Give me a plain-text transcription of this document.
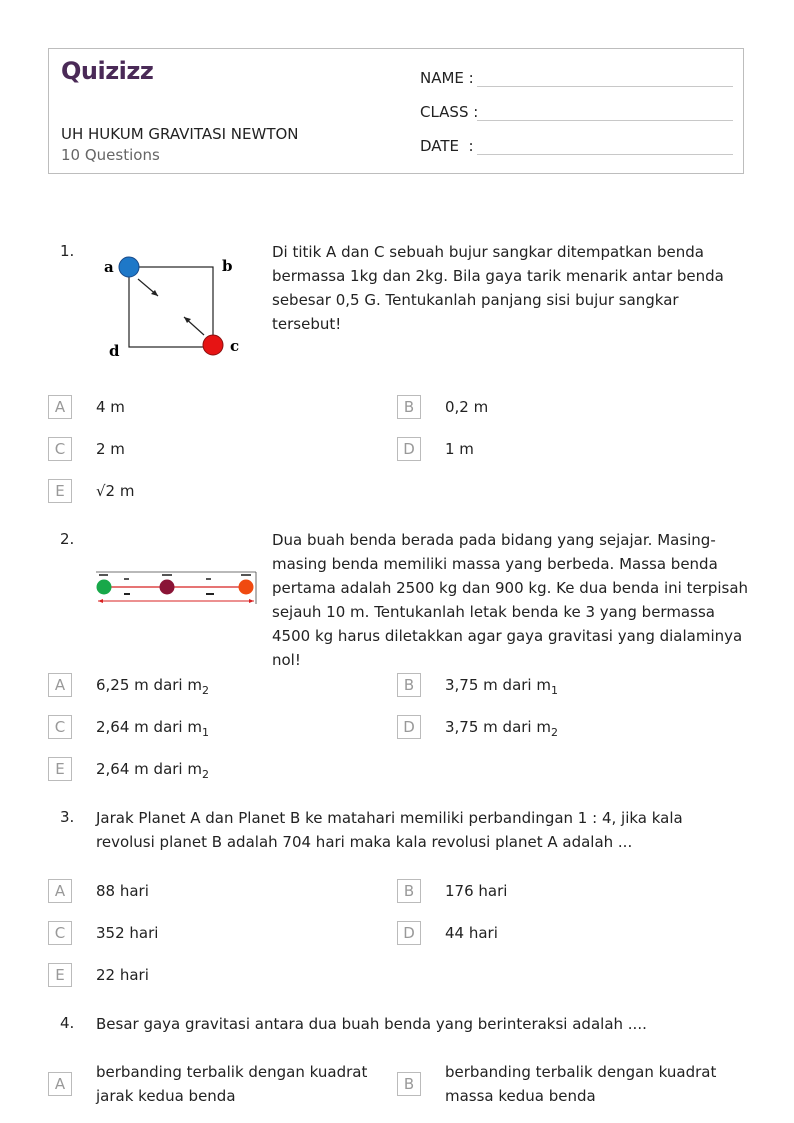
Quizizz
UH HUKUM GRAVITASI NEWTON
10 Questions
NAME :
CLASS :
DATE  :
1.
a	b
c
d
Di titik A dan C sebuah bujur sangkar ditempatkan benda bermassa 1kg dan 2kg. Bila gaya tarik menarik antar benda sebesar 0,5 G. Tentukanlah panjang sisi bujur sangkar tersebut!
A	4 m	B	0,2 m
C	2 m	D	1 m
E	√2 m
2.	Dua buah benda berada pada bidang yang sejajar. Masing-masing benda memiliki massa yang berbeda. Massa benda pertama adalah 2500 kg dan 900 kg. Ke dua benda ini terpisah sejauh 10 m. Tentukanlah letak benda ke 3 yang bermassa 4500 kg harus diletakkan agar gaya gravitasi yang dialaminya nol!
A	6,25 m dari $m_2$	B	3,75 m dari $m_1$
C	2,64 m dari $m_1$	D	3,75 m dari $m_2$
E	2,64 m dari $m_2$
3. Jarak Planet A dan Planet B ke matahari memiliki perbandingan 1 : 4, jika kala revolusi planet B adalah 704 hari maka kala revolusi planet A adalah ...
A	88 hari	B	176 hari
C	352 hari	D	44 hari
E	22 hari
4. Besar gaya gravitasi antara dua buah benda yang berinteraksi adalah ....
A
berbanding terbalik dengan kuadrat jarak kedua benda
B
berbanding terbalik dengan kuadrat massa kedua benda
